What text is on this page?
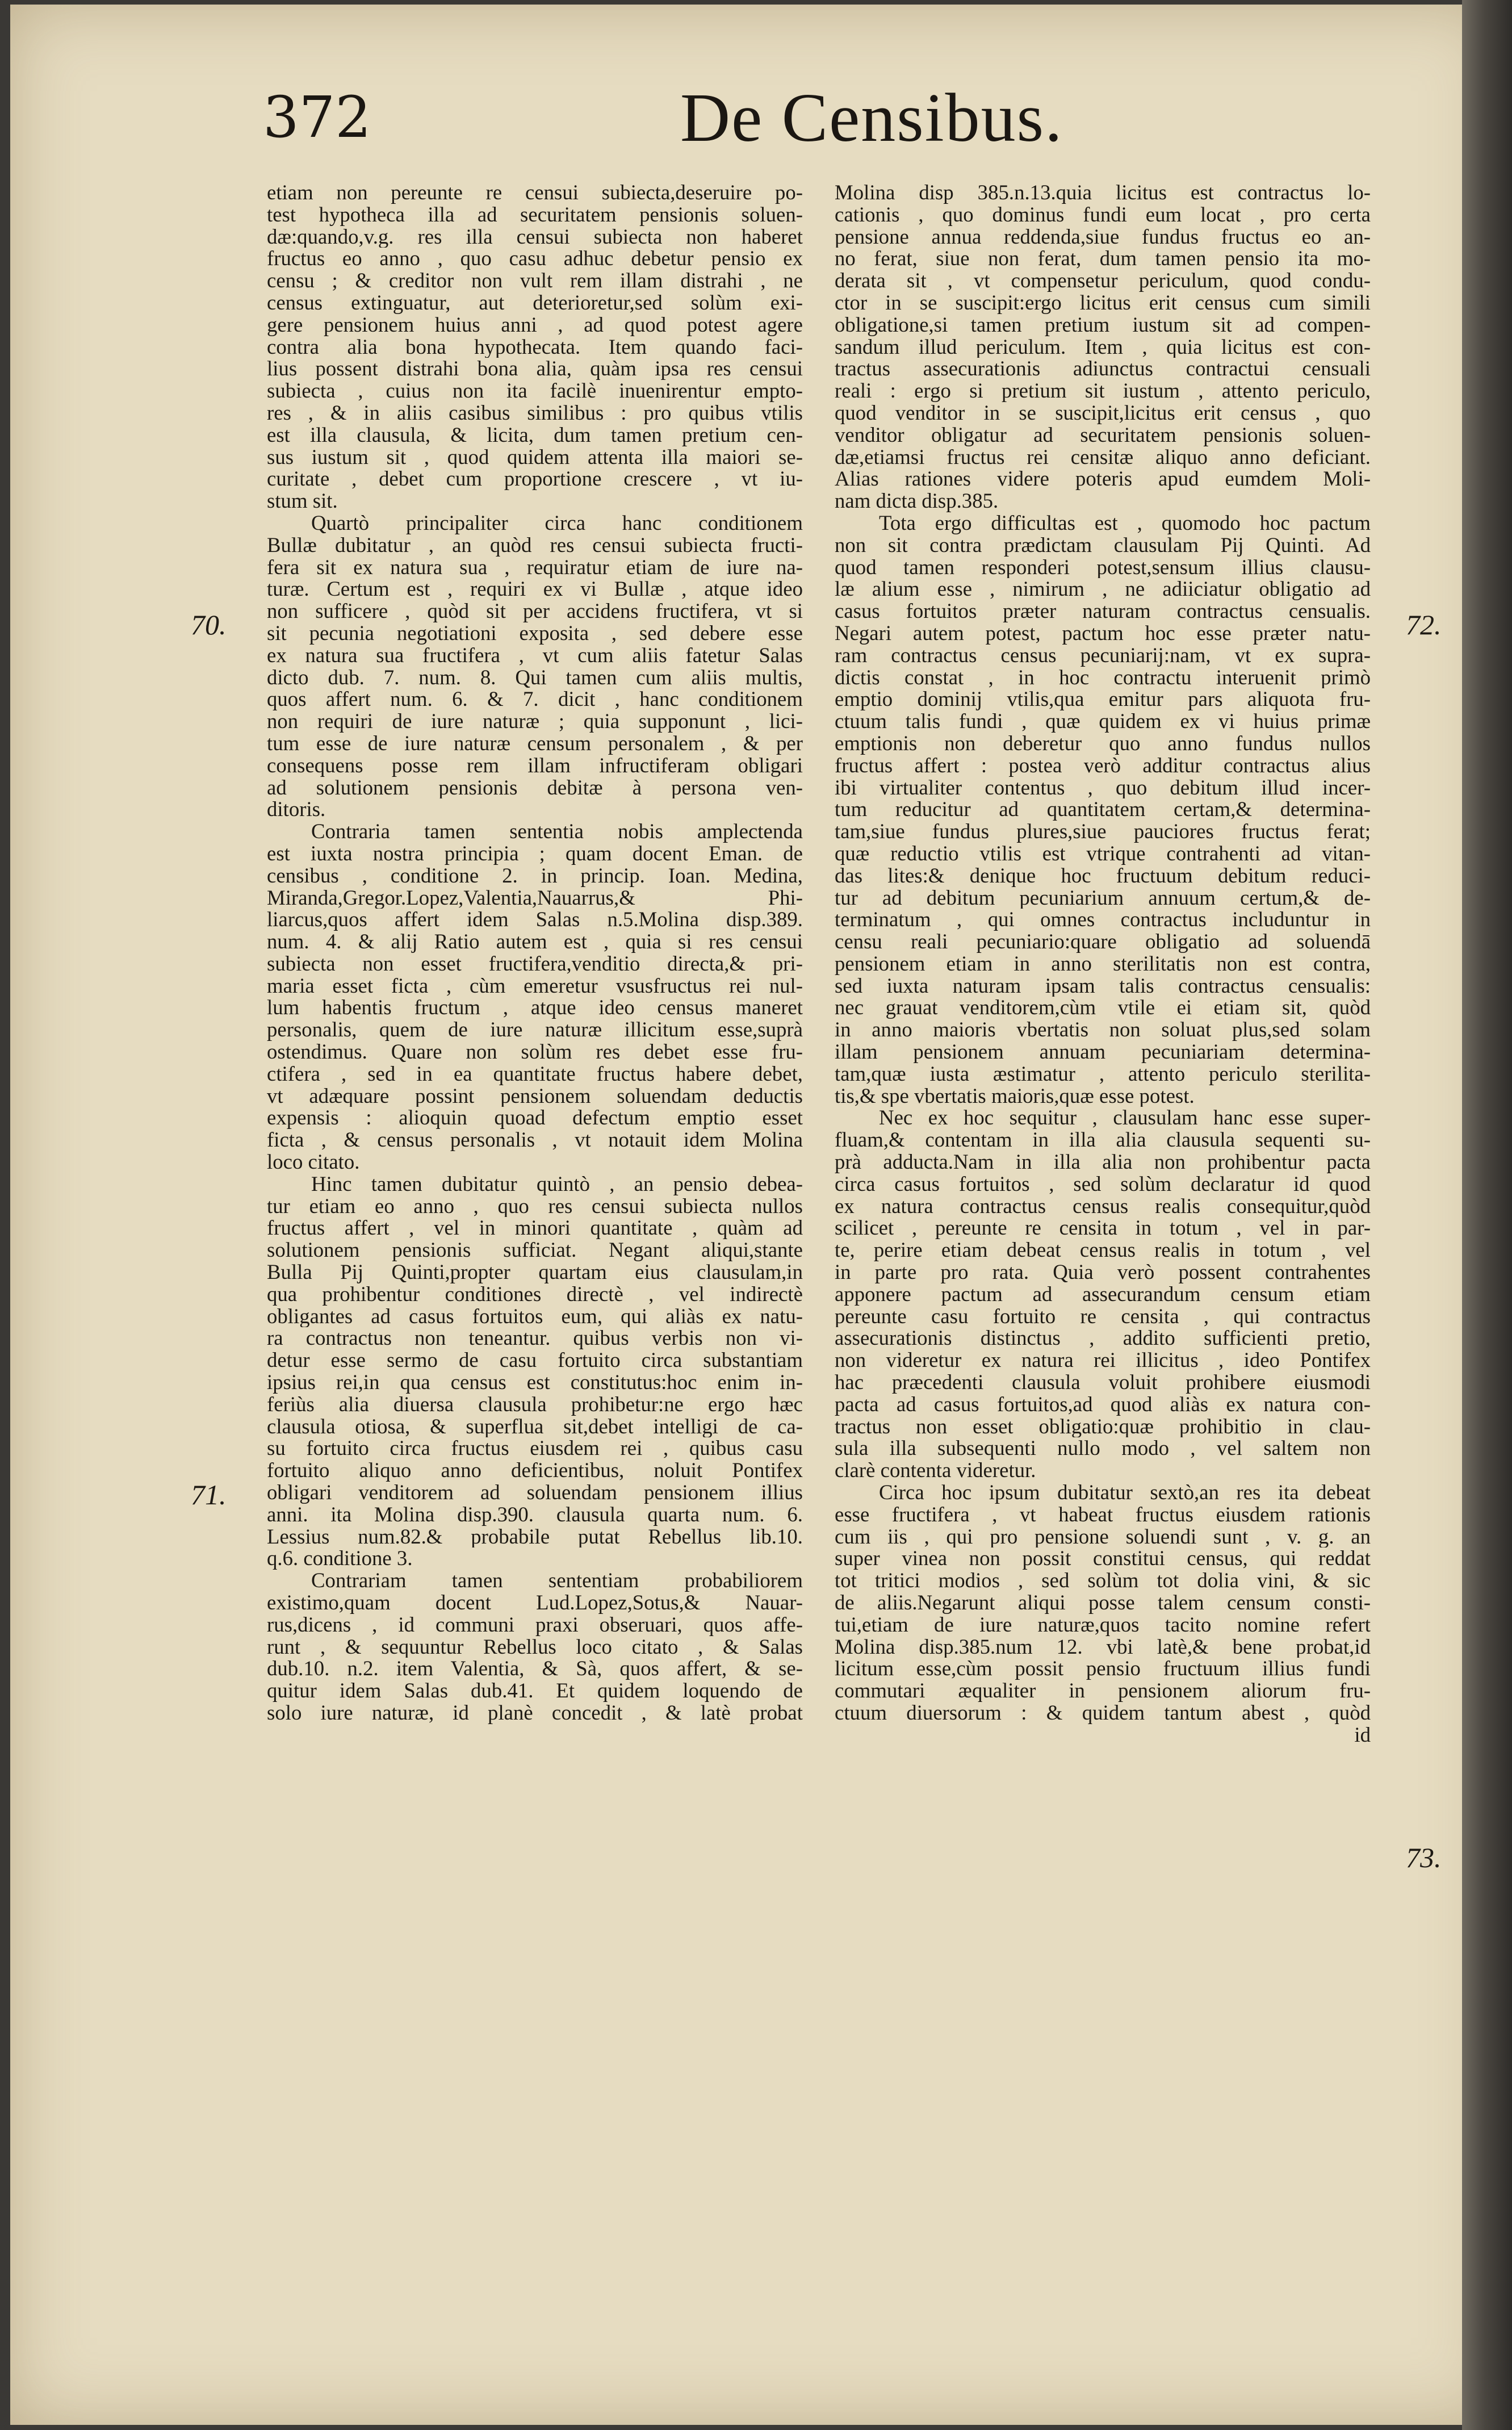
372	De Censibus.
etiam non pereunte re censui subiecta,deseruire po-
test hypotheca illa ad securitatem pensionis soluen-
dæ:quando,v.g. res illa censui subiecta non haberet
fructus eo anno , quo casu adhuc debetur pensio ex
censu ; & creditor non vult rem illam distrahi , ne
census extinguatur, aut deterioretur,sed solùm exi-
gere pensionem huius anni , ad quod potest agere
contra alia bona hypothecata. Item quando faci-
lius possent distrahi bona alia, quàm ipsa res censui
subiecta , cuius non ita facilè inuenirentur empto-
res , & in aliis casibus similibus : pro quibus vtilis
est illa clausula, & licita, dum tamen pretium cen-
sus iustum sit , quod quidem attenta illa maiori se-
curitate , debet cum proportione crescere , vt iu-
stum sit.
Quartò principaliter circa hanc conditionem
Bullæ dubitatur , an quòd res censui subiecta fructi-
fera sit ex natura sua , requiratur etiam de iure na-
turæ. Certum est , requiri ex vi Bullæ , atque ideo
non sufficere , quòd sit per accidens fructifera, vt si
sit pecunia negotiationi exposita , sed debere esse
ex natura sua fructifera , vt cum aliis fatetur Salas
dicto dub. 7. num. 8. Qui tamen cum aliis multis,
quos affert num. 6. & 7. dicit , hanc conditionem
non requiri de iure naturæ ; quia supponunt , lici-
tum esse de iure naturæ censum personalem , & per
consequens posse rem illam infructiferam obligari
ad solutionem pensionis debitæ à persona ven-
ditoris.
Contraria tamen sententia nobis amplectenda
est iuxta nostra principia ; quam docent Eman. de
censibus , conditione 2. in princip. Ioan. Medina,
Miranda,Gregor.Lopez,Valentia,Nauarrus,& Phi-
liarcus,quos affert idem Salas n.5.Molina disp.389.
num. 4. & alij Ratio autem est , quia si res censui
subiecta non esset fructifera,venditio directa,& pri-
maria esset ficta , cùm emeretur vsusfructus rei nul-
lum habentis fructum , atque ideo census maneret
personalis, quem de iure naturæ illicitum esse,suprà
ostendimus. Quare non solùm res debet esse fru-
ctifera , sed in ea quantitate fructus habere debet,
vt adæquare possint pensionem soluendam deductis
expensis : alioquin quoad defectum emptio esset
ficta , & census personalis , vt notauit idem Molina
loco citato.
Hinc tamen dubitatur quintò , an pensio debea-
tur etiam eo anno , quo res censui subiecta nullos
fructus affert , vel in minori quantitate , quàm ad
solutionem pensionis sufficiat. Negant aliqui,stante
Bulla Pij Quinti,propter quartam eius clausulam,in
qua prohibentur conditiones directè , vel indirectè
obligantes ad casus fortuitos eum, qui aliàs ex natu-
ra contractus non teneantur. quibus verbis non vi-
detur esse sermo de casu fortuito circa substantiam
ipsius rei,in qua census est constitutus:hoc enim in-
feriùs alia diuersa clausula prohibetur:ne ergo hæc
clausula otiosa, & superflua sit,debet intelligi de ca-
su fortuito circa fructus eiusdem rei , quibus casu
fortuito aliquo anno deficientibus, noluit Pontifex
obligari venditorem ad soluendam pensionem illius
anni. ita Molina disp.390. clausula quarta num. 6.
Lessius num.82.& probabile putat Rebellus lib.10.
q.6. conditione 3.
Contrariam tamen sententiam probabiliorem
existimo,quam docent Lud.Lopez,Sotus,& Nauar-
rus,dicens , id communi praxi obseruari, quos affe-
runt , & sequuntur Rebellus loco citato , & Salas
dub.10. n.2. item Valentia, & Sà, quos affert, & se-
quitur idem Salas dub.41. Et quidem loquendo de
solo iure naturæ, id planè concedit , & latè probat
Molina disp 385.n.13.quia licitus est contractus lo-
cationis , quo dominus fundi eum locat , pro certa
pensione annua reddenda,siue fundus fructus eo an-
no ferat, siue non ferat, dum tamen pensio ita mo-
derata sit , vt compensetur periculum, quod condu-
ctor in se suscipit:ergo licitus erit census cum simili
obligatione,si tamen pretium iustum sit ad compen-
sandum illud periculum. Item , quia licitus est con-
tractus assecurationis adiunctus contractui censuali
reali : ergo si pretium sit iustum , attento periculo,
quod venditor in se suscipit,licitus erit census , quo
venditor obligatur ad securitatem pensionis soluen-
dæ,etiamsi fructus rei censitæ aliquo anno deficiant.
Alias rationes videre poteris apud eumdem Moli-
nam dicta disp.385.
Tota ergo difficultas est , quomodo hoc pactum
non sit contra prædictam clausulam Pij Quinti. Ad
quod tamen responderi potest,sensum illius clausu-
læ alium esse , nimirum , ne adiiciatur obligatio ad
casus fortuitos præter naturam contractus censualis.
Negari autem potest, pactum hoc esse præter natu-
ram contractus census pecuniarij:nam, vt ex supra-
dictis constat , in hoc contractu interuenit primò
emptio dominij vtilis,qua emitur pars aliquota fru-
ctuum talis fundi , quæ quidem ex vi huius primæ
emptionis non deberetur quo anno fundus nullos
fructus affert : postea verò additur contractus alius
ibi virtualiter contentus , quo debitum illud incer-
tum reducitur ad quantitatem certam,& determina-
tam,siue fundus plures,siue pauciores fructus ferat;
quæ reductio vtilis est vtrique contrahenti ad vitan-
das lites:& denique hoc fructuum debitum reduci-
tur ad debitum pecuniarium annuum certum,& de-
terminatum , qui omnes contractus includuntur in
censu reali pecuniario:quare obligatio ad soluendā
pensionem etiam in anno sterilitatis non est contra,
sed iuxta naturam ipsam talis contractus censualis:
nec grauat venditorem,cùm vtile ei etiam sit, quòd
in anno maioris vbertatis non soluat plus,sed solam
illam pensionem annuam pecuniariam determina-
tam,quæ iusta æstimatur , attento periculo sterilita-
tis,& spe vbertatis maioris,quæ esse potest.
Nec ex hoc sequitur , clausulam hanc esse super-
fluam,& contentam in illa alia clausula sequenti su-
prà adducta.Nam in illa alia non prohibentur pacta
circa casus fortuitos , sed solùm declaratur id quod
ex natura contractus census realis consequitur,quòd
scilicet , pereunte re censita in totum , vel in par-
te, perire etiam debeat census realis in totum , vel
in parte pro rata. Quia verò possent contrahentes
apponere pactum ad assecurandum censum etiam
pereunte casu fortuito re censita , qui contractus
assecurationis distinctus , addito sufficienti pretio,
non videretur ex natura rei illicitus , ideo Pontifex
hac præcedenti clausula voluit prohibere eiusmodi
pacta ad casus fortuitos,ad quod aliàs ex natura con-
tractus non esset obligatio:quæ prohibitio in clau-
sula illa subsequenti nullo modo , vel saltem non
clarè contenta videretur.
Circa hoc ipsum dubitatur sextò,an res ita debeat
esse fructifera , vt habeat fructus eiusdem rationis
cum iis , qui pro pensione soluendi sunt , v. g. an
super vinea non possit constitui census, qui reddat
tot tritici modios , sed solùm tot dolia vini, & sic
de aliis.Negarunt aliqui posse talem censum consti-
tui,etiam de iure naturæ,quos tacito nomine refert
Molina disp.385.num 12. vbi latè,& bene probat,id
licitum esse,cùm possit pensio fructuum illius fundi
commutari æqualiter in pensionem aliorum fru-
ctuum diuersorum : & quidem tantum abest , quòd
id
70.
71.
72.
73.
